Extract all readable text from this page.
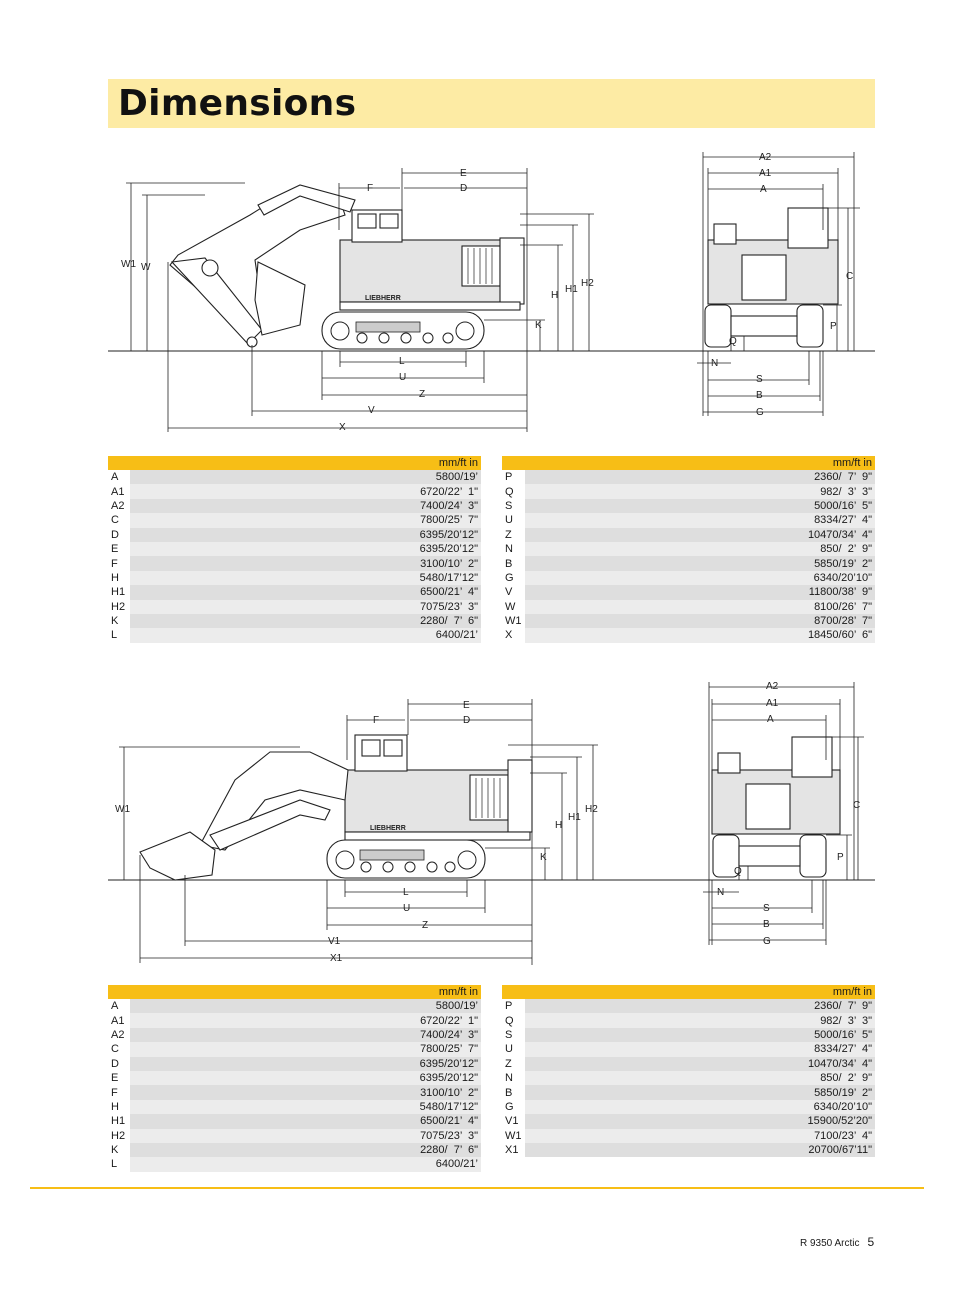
Dimensions
LIEBHERR
E
F	D
W1 W
H
H1
H2
K
L
U
Z
V
X
A2
A1
A
C
P
Q
N
S
B
G
LIEBHERR
E
F	D
W1
H
H1
H2
K
L
U
Z
V1
X1
A2
A1
A
C
P
Q
N
S
B
G
	mm/ft in
A	5800/19’
A1	6720/22’  1"
A2	7400/24’  3"
C	7800/25’  7"
D	6395/20’12"
E	6395/20’12"
F	3100/10’  2"
H	5480/17’12"
H1	6500/21’  4"
H2	7075/23’  3"
K	2280/  7’  6"
L	6400/21’
	mm/ft in
P	2360/  7’  9"
Q	982/  3’  3"
S	5000/16’  5"
U	8334/27’  4"
Z	10470/34’  4"
N	850/  2’  9"
B	5850/19’  2"
G	6340/20’10"
V	11800/38’  9"
W	8100/26’  7"
W1	8700/28’  7"
X	18450/60’  6"
	mm/ft in
A	5800/19’
A1	6720/22’  1"
A2	7400/24’  3"
C	7800/25’  7"
D	6395/20’12"
E	6395/20’12"
F	3100/10’  2"
H	5480/17’12"
H1	6500/21’  4"
H2	7075/23’  3"
K	2280/  7’  6"
L	6400/21’
	mm/ft in
P	2360/  7’  9"
Q	982/  3’  3"
S	5000/16’  5"
U	8334/27’  4"
Z	10470/34’  4"
N	850/  2’  9"
B	5850/19’  2"
G	6340/20’10"
V1	15900/52’20"
W1	7100/23’  4"
X1	20700/67’11"
R 9350 Arctic 5
